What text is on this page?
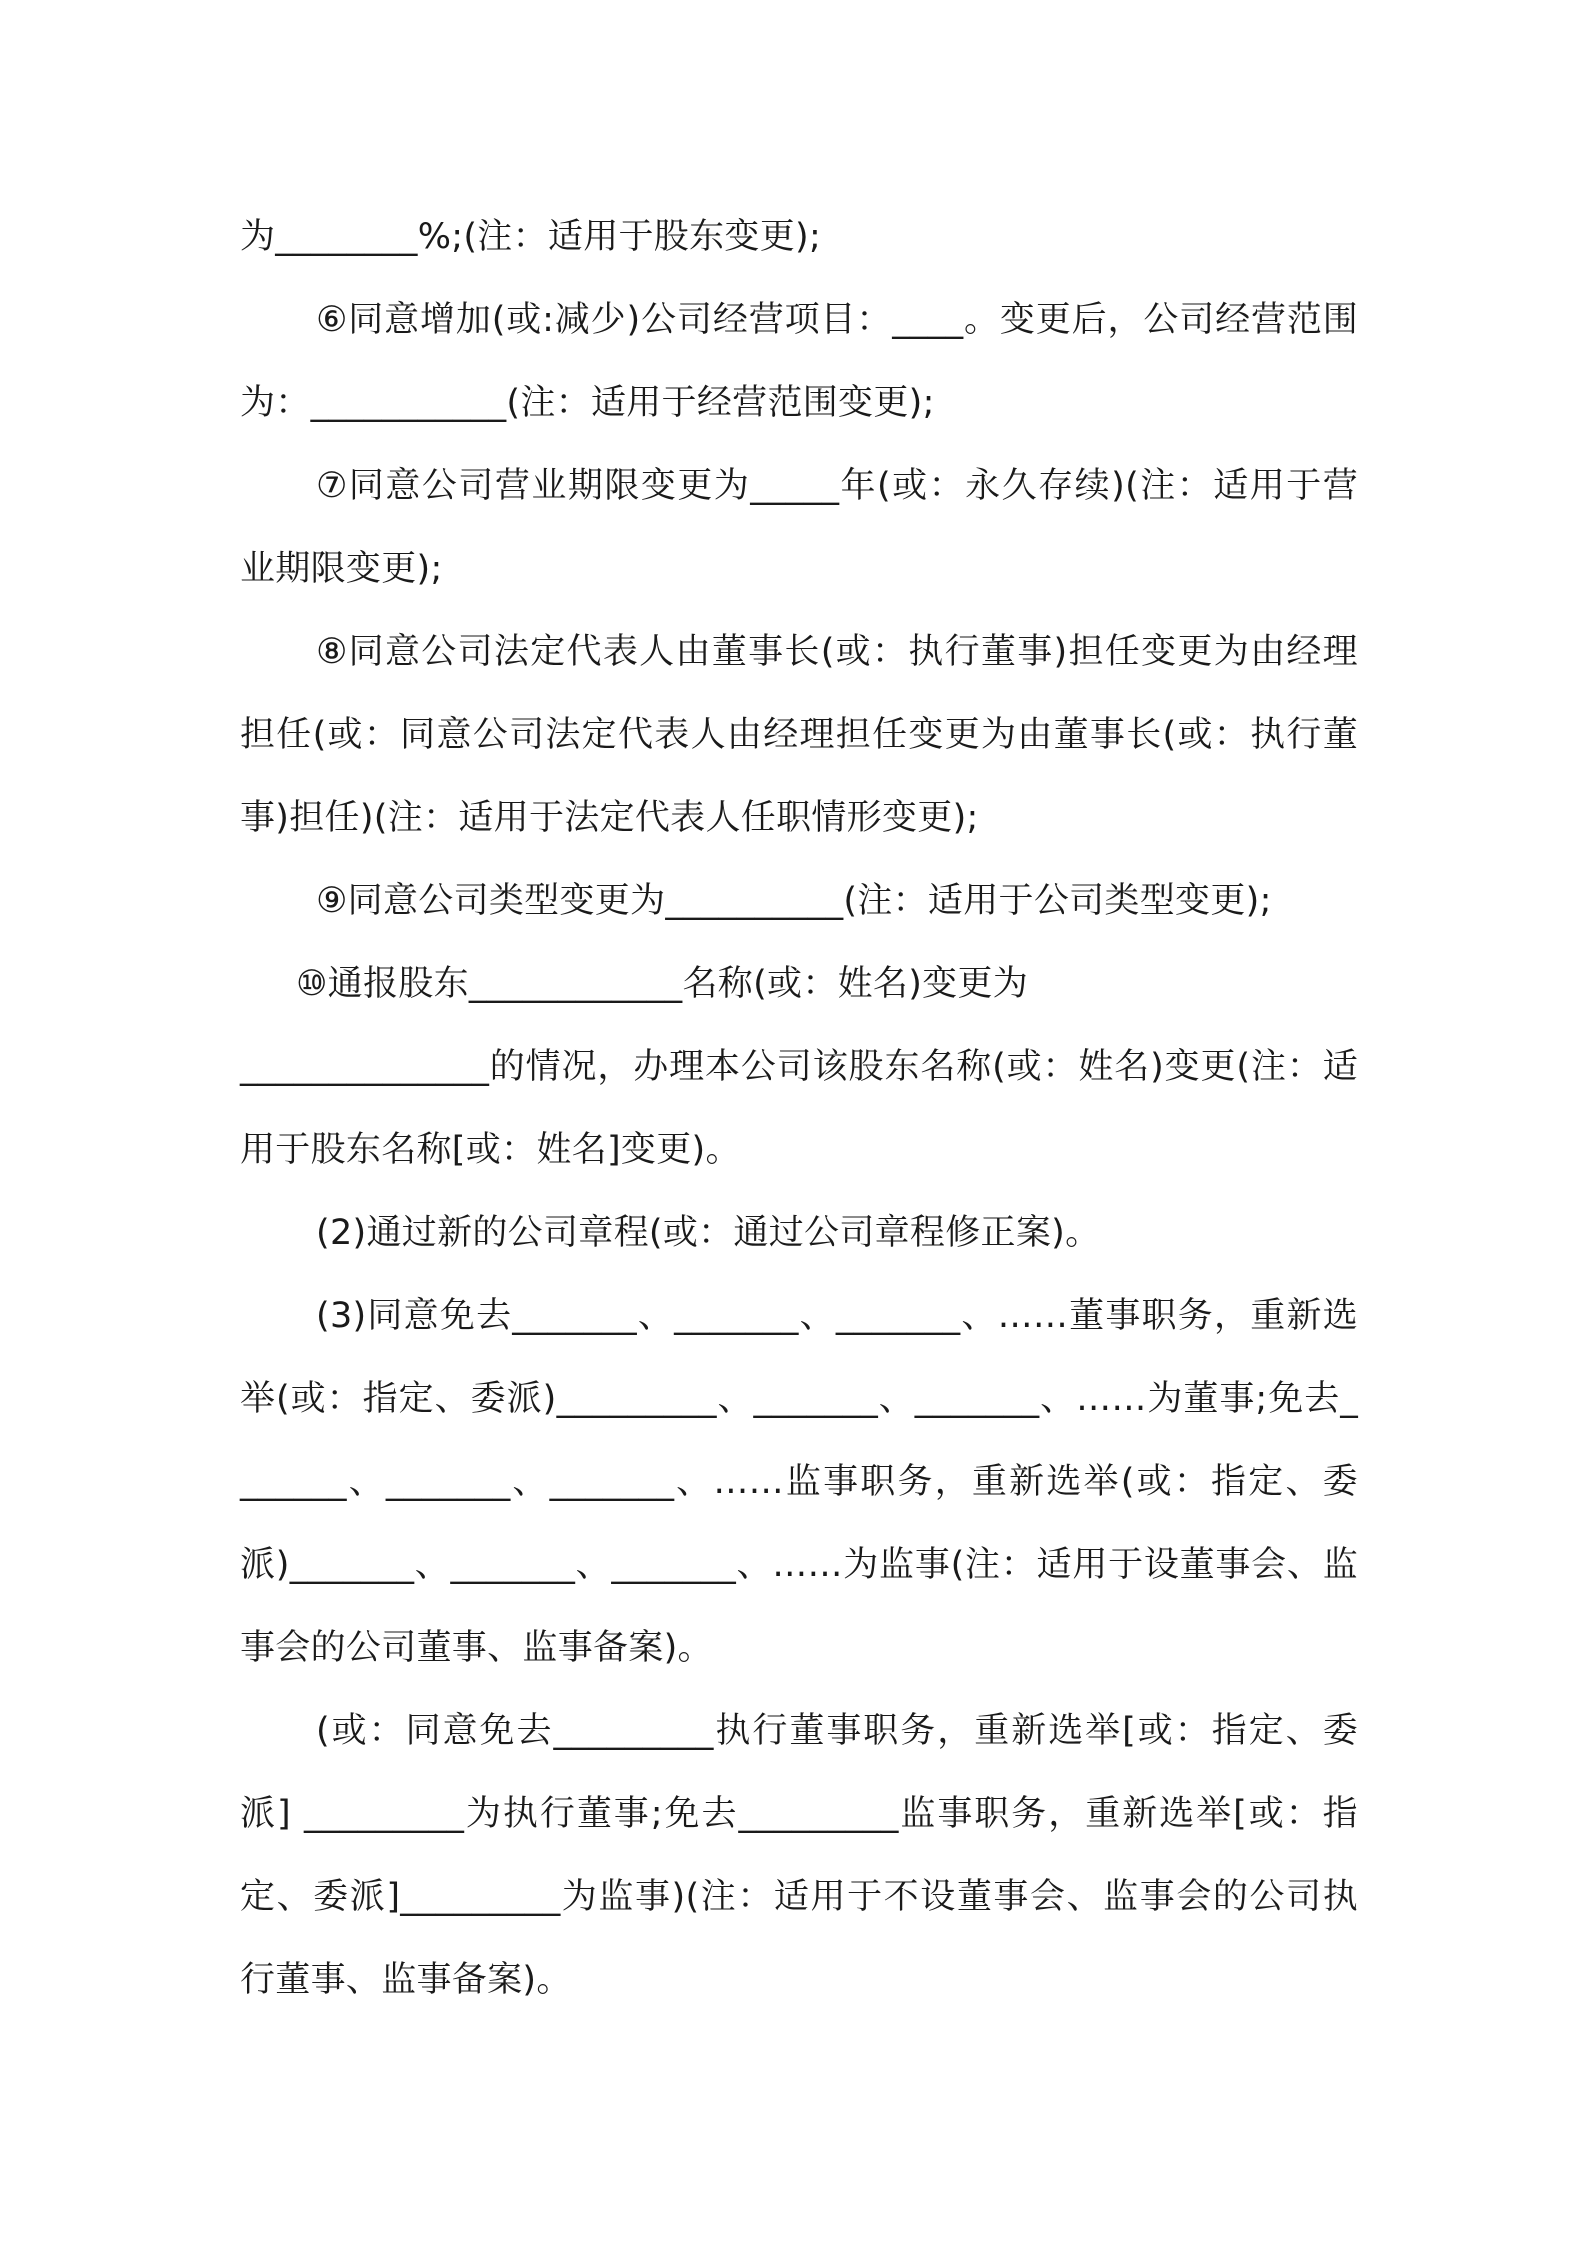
为________%;(注：适用于股东变更);

⑥同意增加(或:减少)公司经营项目：____。变更后，公司经营范围为：___________(注：适用于经营范围变更);

⑦同意公司营业期限变更为_____年(或：永久存续)(注：适用于营业期限变更);

⑧同意公司法定代表人由董事长(或：执行董事)担任变更为由经理担任(或：同意公司法定代表人由经理担任变更为由董事长(或：执行董事)担任)(注：适用于法定代表人任职情形变更);

⑨同意公司类型变更为__________(注：适用于公司类型变更);

⑩通报股东____________名称(或：姓名)变更为

______________的情况，办理本公司该股东名称(或：姓名)变更(注：适用于股东名称[或：姓名]变更)。

(2)通过新的公司章程(或：通过公司章程修正案)。

(3)同意免去_______、_______、_______、……董事职务，重新选举(或：指定、委派)_________、_______、_______、……为董事;免去_______、_______、_______、……监事职务，重新选举(或：指定、委派)_______、_______、_______、……为监事(注：适用于设董事会、监事会的公司董事、监事备案)。

(或：同意免去_________执行董事职务，重新选举[或：指定、委派] _________为执行董事;免去_________监事职务，重新选举[或：指定、委派]_________为监事)(注：适用于不设董事会、监事会的公司执行董事、监事备案)。
